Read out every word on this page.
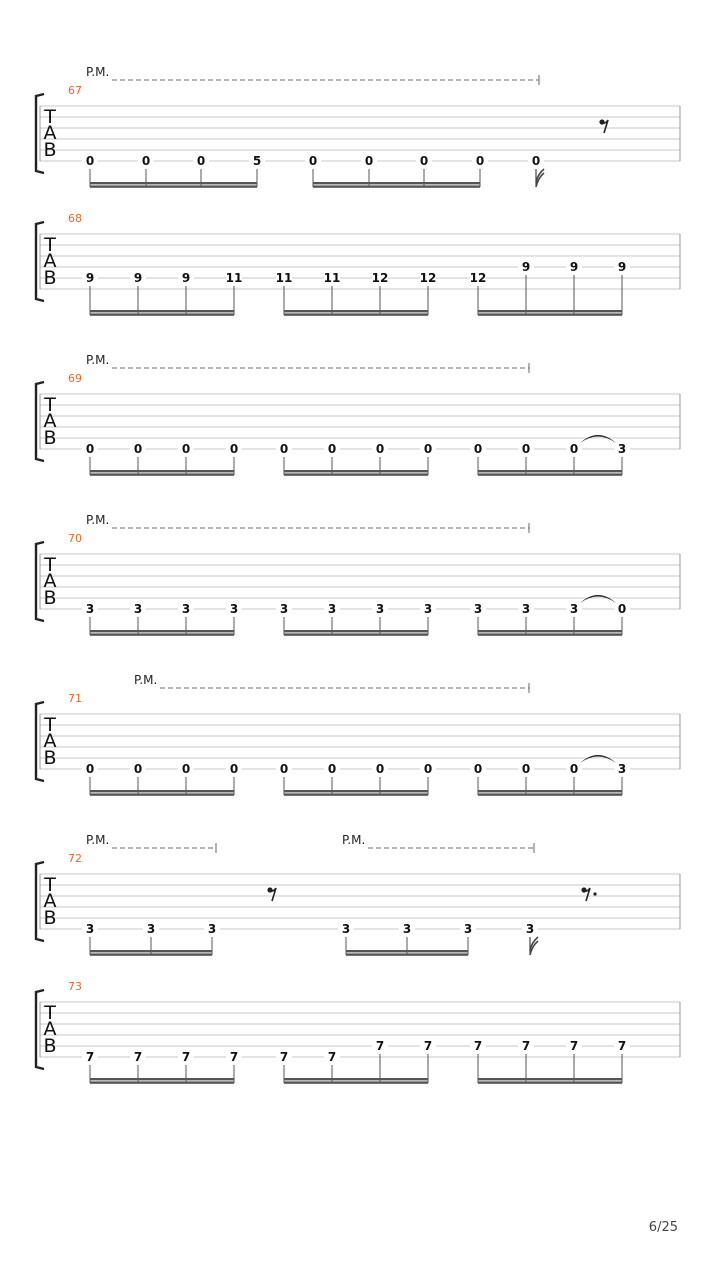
T
A
B
67
P.M.
0	0	0	5	0	0	0	0	0
T
A
B
68
9	9	9	11	11	11	12	12	12
9	9	9
T
A
B
69
P.M.
0	0	0	0	0	0	0	0	0	0	0	3
T
A
B
70
P.M.
3	3	3	3	3	3	3	3	3	3	3	0
T
A
B
71
P.M.
0	0	0	0	0	0	0	0	0	0	0	3
T
A
B
72
P.M.	P.M.
3	3	3	3	3	3	3
T
A
B
73
7	7	7	7	7	7
7	7	7	7	7	7
6/25
